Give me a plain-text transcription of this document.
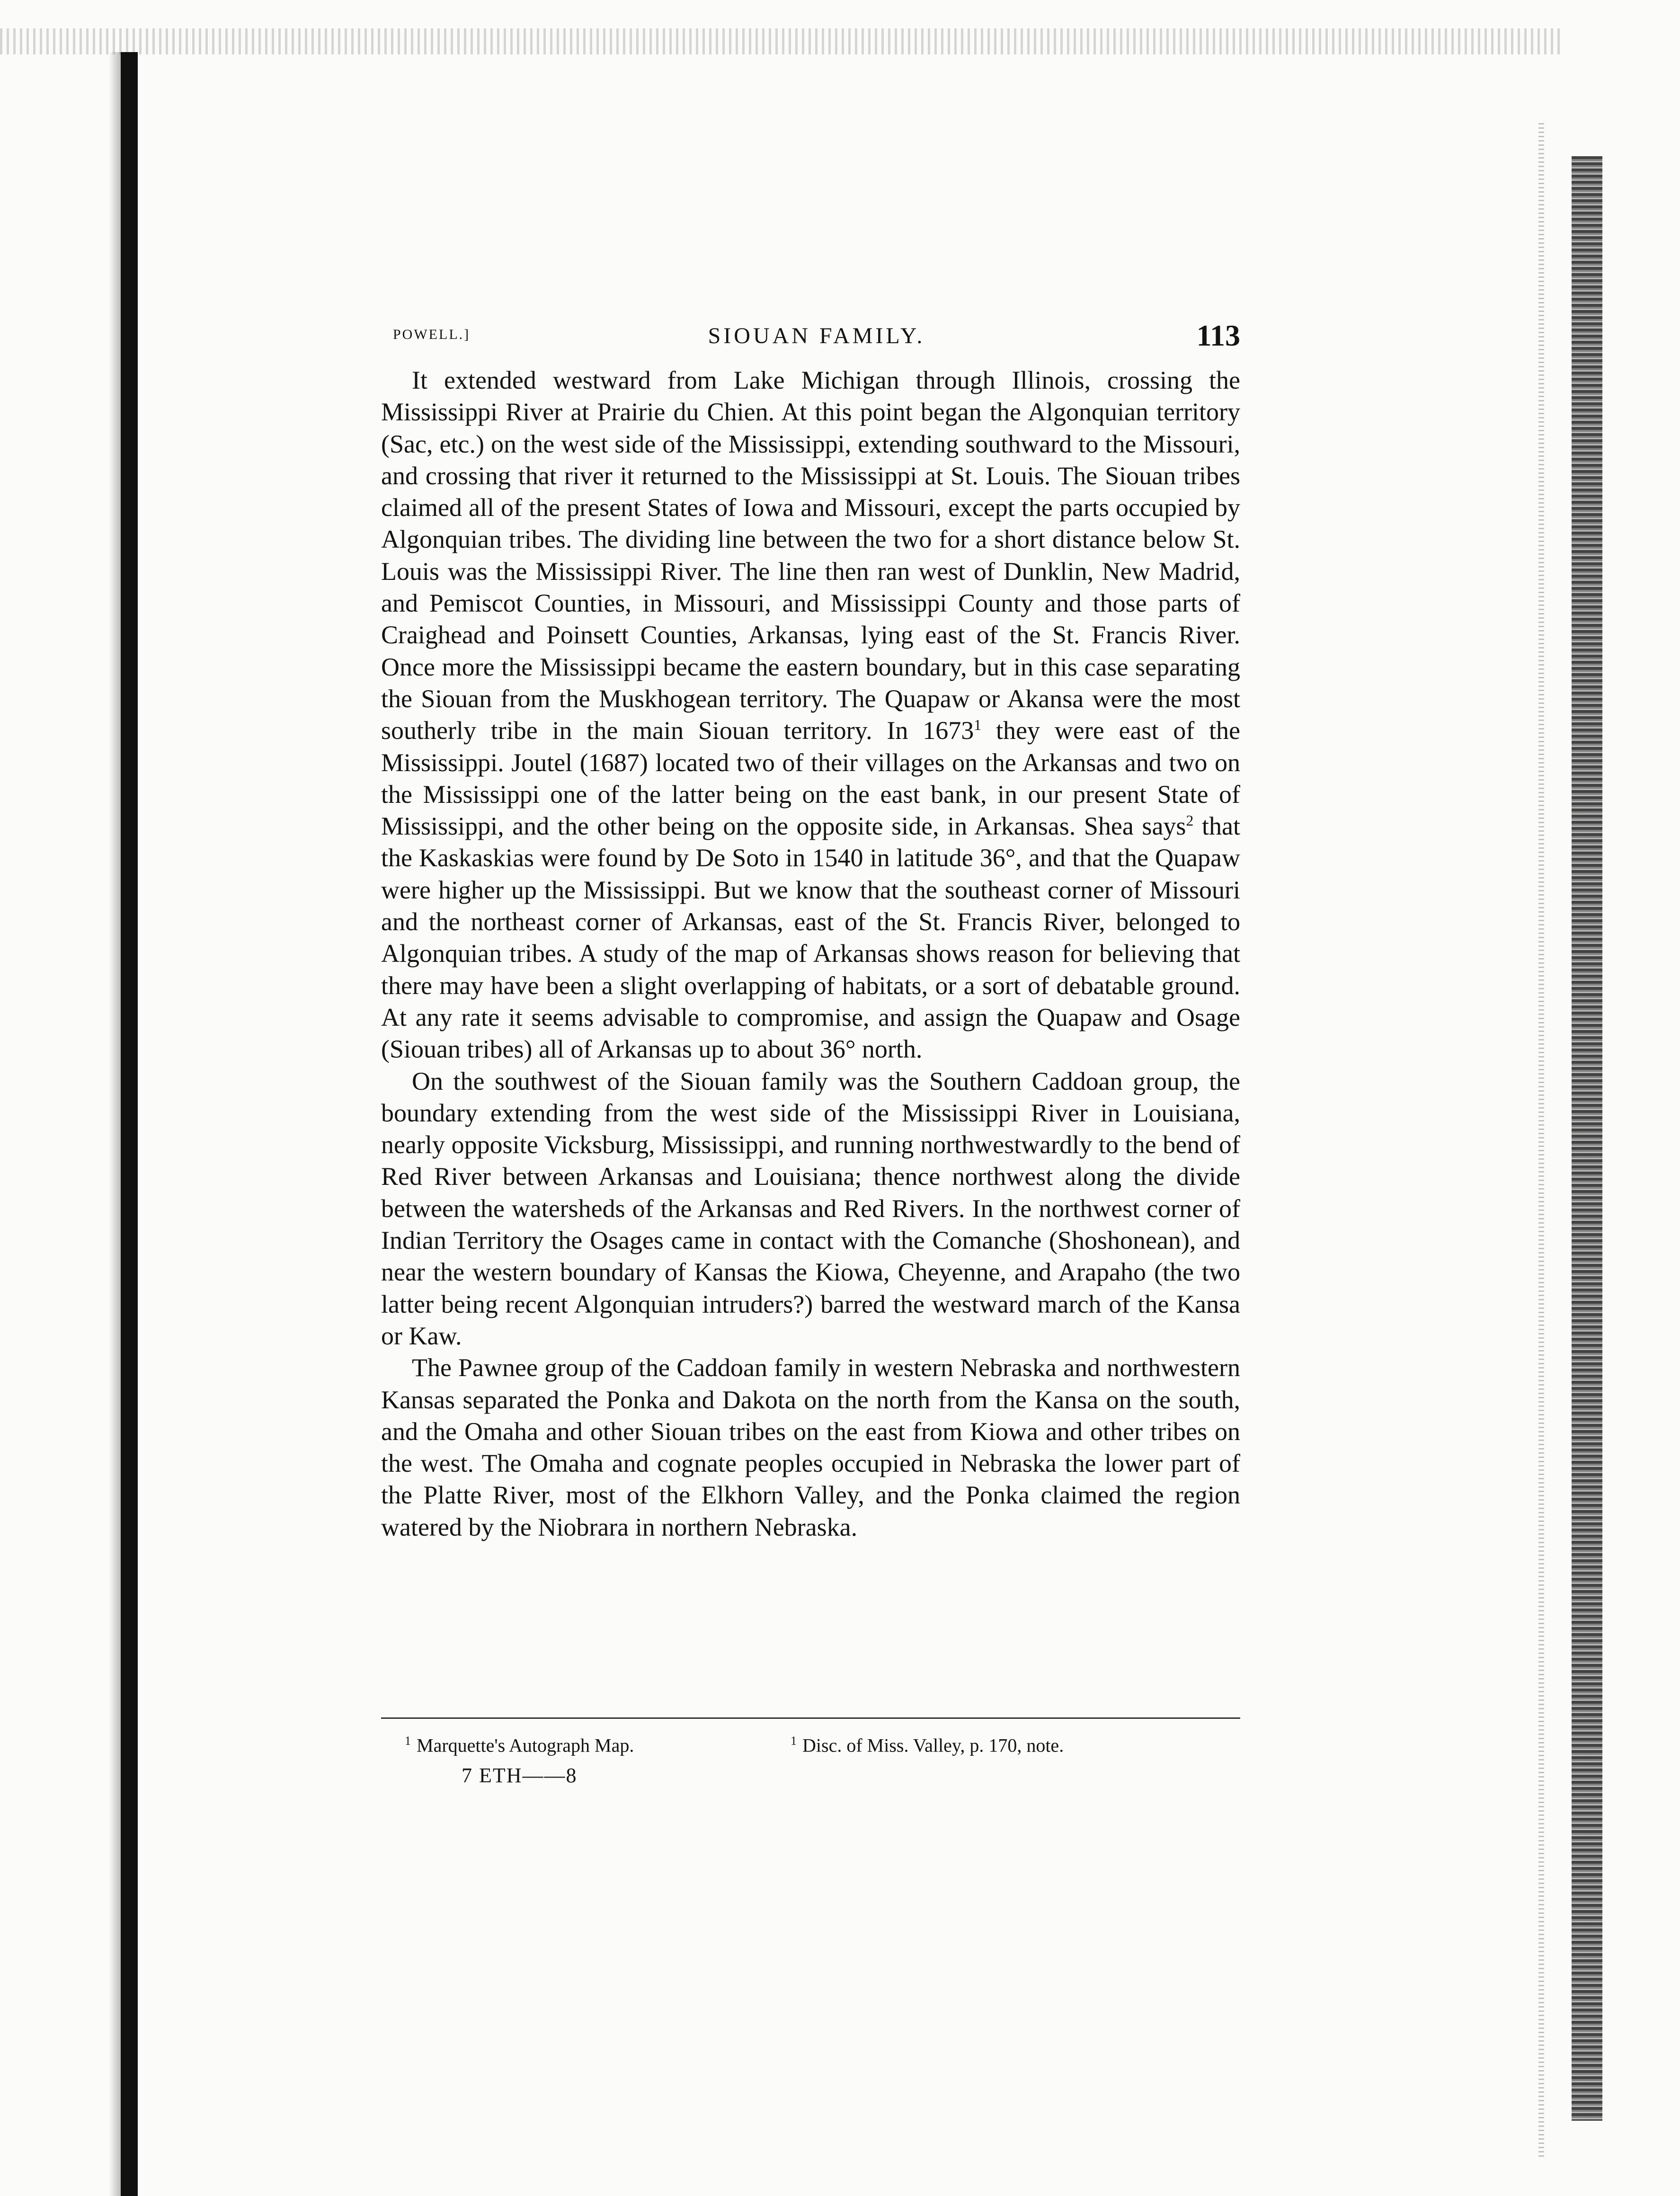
POWELL.]	SIOUAN FAMILY.	113

It extended westward from Lake Michigan through Illinois, crossing the Mississippi River at Prairie du Chien. At this point began the Algonquian territory (Sac, etc.) on the west side of the Mississippi, extending southward to the Missouri, and crossing that river it returned to the Mississippi at St. Louis. The Siouan tribes claimed all of the present States of Iowa and Missouri, except the parts occupied by Algonquian tribes. The dividing line between the two for a short distance below St. Louis was the Mississippi River. The line then ran west of Dunklin, New Madrid, and Pemiscot Counties, in Missouri, and Mississippi County and those parts of Craighead and Poinsett Counties, Arkansas, lying east of the St. Francis River. Once more the Mississippi became the eastern boundary, but in this case separating the Siouan from the Muskhogean territory. The Quapaw or Akansa were the most southerly tribe in the main Siouan territory. In 1673$^1$ they were east of the Mississippi. Joutel (1687) located two of their villages on the Arkansas and two on the Mississippi one of the latter being on the east bank, in our present State of Mississippi, and the other being on the opposite side, in Arkansas. Shea says$^2$ that the Kaskaskias were found by De Soto in 1540 in latitude 36°, and that the Quapaw were higher up the Mississippi. But we know that the southeast corner of Missouri and the northeast corner of Arkansas, east of the St. Francis River, belonged to Algonquian tribes. A study of the map of Arkansas shows reason for believing that there may have been a slight overlapping of habitats, or a sort of debatable ground. At any rate it seems advisable to compromise, and assign the Quapaw and Osage (Siouan tribes) all of Arkansas up to about 36° north.

On the southwest of the Siouan family was the Southern Caddoan group, the boundary extending from the west side of the Mississippi River in Louisiana, nearly opposite Vicksburg, Mississippi, and running northwestwardly to the bend of Red River between Arkansas and Louisiana; thence northwest along the divide between the watersheds of the Arkansas and Red Rivers. In the northwest corner of Indian Territory the Osages came in contact with the Comanche (Shoshonean), and near the western boundary of Kansas the Kiowa, Cheyenne, and Arapaho (the two latter being recent Algonquian intruders?) barred the westward march of the Kansa or Kaw.

The Pawnee group of the Caddoan family in western Nebraska and northwestern Kansas separated the Ponka and Dakota on the north from the Kansa on the south, and the Omaha and other Siouan tribes on the east from Kiowa and other tribes on the west. The Omaha and cognate peoples occupied in Nebraska the lower part of the Platte River, most of the Elkhorn Valley, and the Ponka claimed the region watered by the Niobrara in northern Nebraska.

$^1$ Marquette's Autograph Map.	$^1$ Disc. of Miss. Valley, p. 170, note.
7 ETH——8
